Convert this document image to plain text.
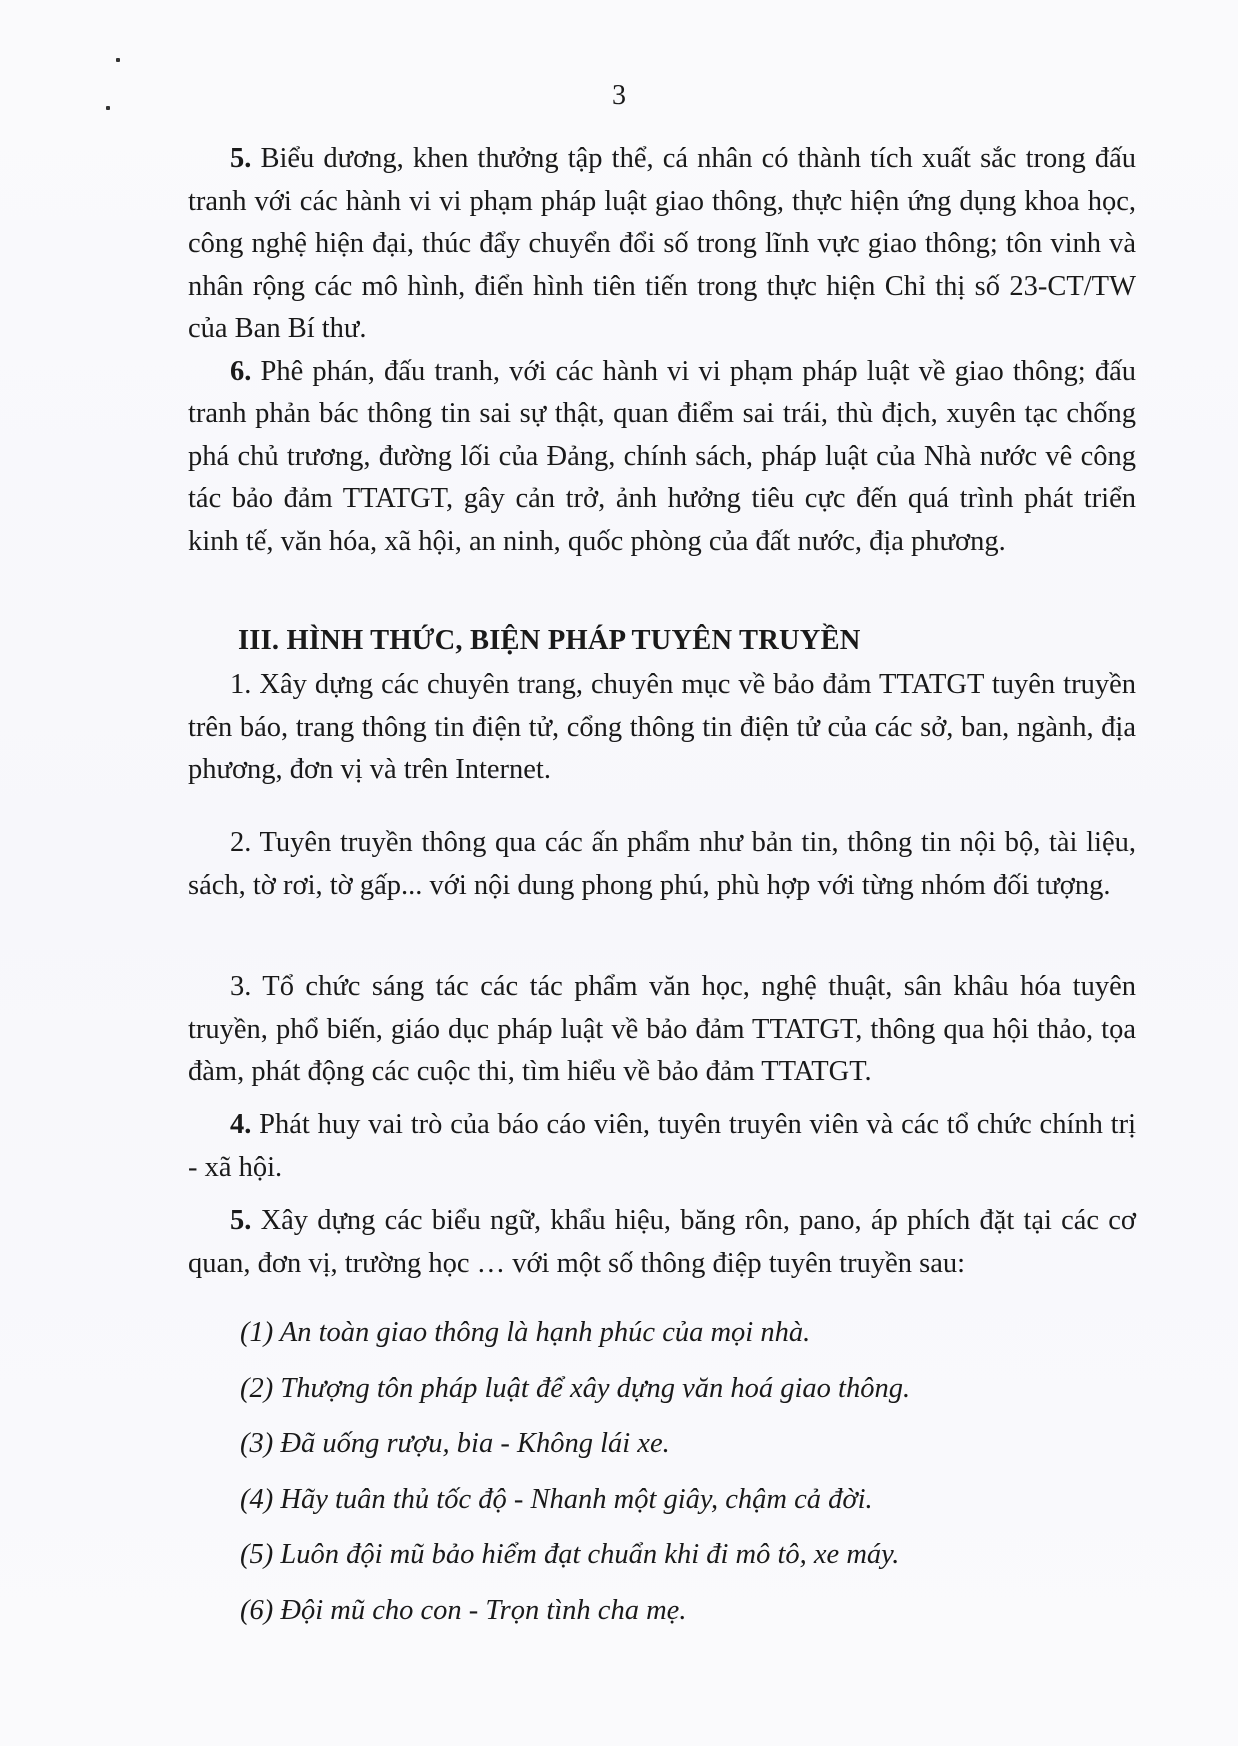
3

5. Biểu dương, khen thưởng tập thể, cá nhân có thành tích xuất sắc trong đấu tranh với các hành vi vi phạm pháp luật giao thông, thực hiện ứng dụng khoa học, công nghệ hiện đại, thúc đẩy chuyển đổi số trong lĩnh vực giao thông; tôn vinh và nhân rộng các mô hình, điển hình tiên tiến trong thực hiện Chỉ thị số 23-CT/TW của Ban Bí thư.

6. Phê phán, đấu tranh, với các hành vi vi phạm pháp luật về giao thông; đấu tranh phản bác thông tin sai sự thật, quan điểm sai trái, thù địch, xuyên tạc chống phá chủ trương, đường lối của Đảng, chính sách, pháp luật của Nhà nước vê công tác bảo đảm TTATGT, gây cản trở, ảnh hưởng tiêu cực đến quá trình phát triển kinh tế, văn hóa, xã hội, an ninh, quốc phòng của đất nước, địa phương.

III. HÌNH THỨC, BIỆN PHÁP TUYÊN TRUYỀN

1. Xây dựng các chuyên trang, chuyên mục về bảo đảm TTATGT tuyên truyền trên báo, trang thông tin điện tử, cổng thông tin điện tử của các sở, ban, ngành, địa phương, đơn vị và trên Internet.

2. Tuyên truyền thông qua các ấn phẩm như bản tin, thông tin nội bộ, tài liệu, sách, tờ rơi, tờ gấp... với nội dung phong phú, phù hợp với từng nhóm đối tượng.

3. Tổ chức sáng tác các tác phẩm văn học, nghệ thuật, sân khâu hóa tuyên truyền, phổ biến, giáo dục pháp luật về bảo đảm TTATGT, thông qua hội thảo, tọa đàm, phát động các cuộc thi, tìm hiểu về bảo đảm TTATGT.

4. Phát huy vai trò của báo cáo viên, tuyên truyên viên và các tổ chức chính trị - xã hội.

5. Xây dựng các biểu ngữ, khẩu hiệu, băng rôn, pano, áp phích đặt tại các cơ quan, đơn vị, trường học … với một số thông điệp tuyên truyền sau:

(1) An toàn giao thông là hạnh phúc của mọi nhà.

(2) Thượng tôn pháp luật để xây dựng văn hoá giao thông.

(3) Đã uống rượu, bia - Không lái xe.

(4) Hãy tuân thủ tốc độ - Nhanh một giây, chậm cả đời.

(5) Luôn đội mũ bảo hiểm đạt chuẩn khi đi mô tô, xe máy.

(6) Đội mũ cho con - Trọn tình cha mẹ.
